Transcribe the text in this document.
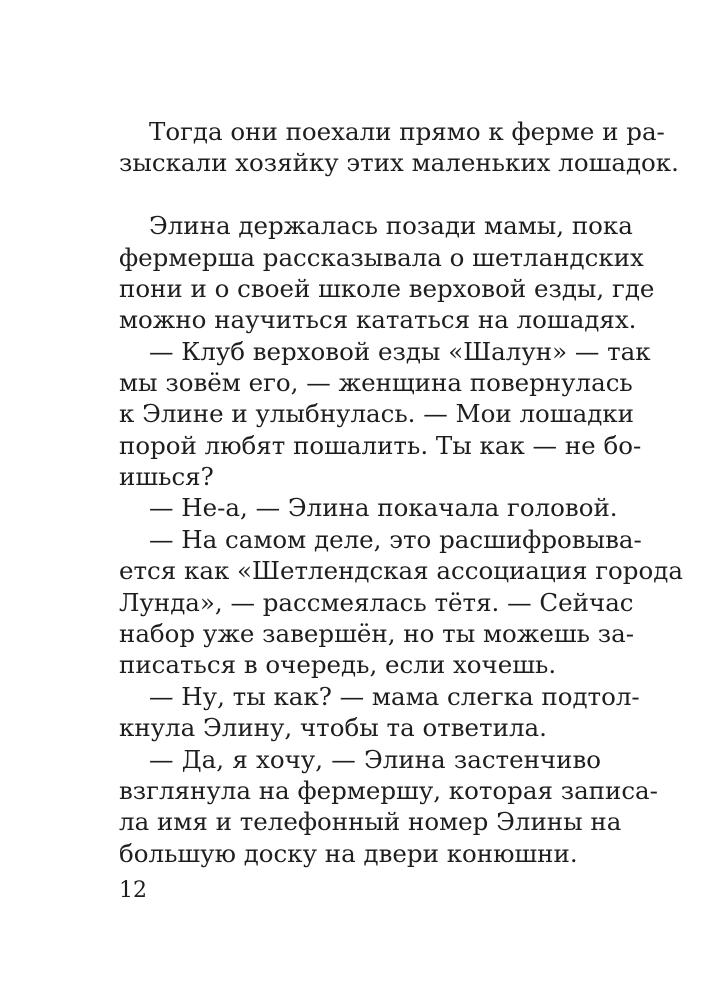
Тогда они поехали прямо к ферме и ра-
зыскали хозяйку этих маленьких лошадок.
Элина держалась позади мамы, пока
фермерша рассказывала о шетландских
пони и о своей школе верховой езды, где
можно научиться кататься на лошадях.
— Клуб верховой езды «Шалун» — так
мы зовём его, — женщина повернулась
к Элине и улыбнулась. — Мои лошадки
порой любят пошалить. Ты как — не бо-
ишься?
— Не-а, — Элина покачала головой.
— На самом деле, это расшифровыва-
ется как «Шетлендская ассоциация города
Лунда», — рассмеялась тётя. — Сейчас
набор уже завершён, но ты можешь за-
писаться в очередь, если хочешь.
— Ну, ты как? — мама слегка подтол-
кнула Элину, чтобы та ответила.
— Да, я хочу, — Элина застенчиво
взглянула на фермершу, которая записа-
ла имя и телефонный номер Элины на
большую доску на двери конюшни.
12
